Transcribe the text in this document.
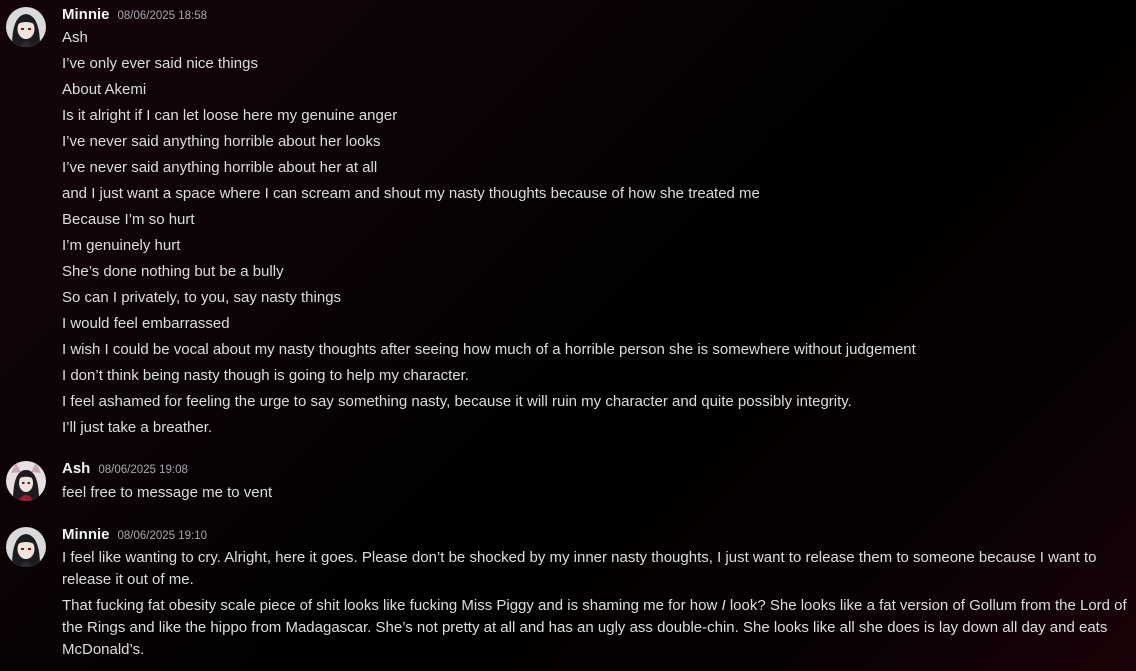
Minnie 08/06/2025 18:58
Ash
I’ve only ever said nice things
About Akemi
Is it alright if I can let loose here my genuine anger
I’ve never said anything horrible about her looks
I’ve never said anything horrible about her at all
and I just want a space where I can scream and shout my nasty thoughts because of how she treated me
Because I’m so hurt
I’m genuinely hurt
She’s done nothing but be a bully
So can I privately, to you, say nasty things
I would feel embarrassed
I wish I could be vocal about my nasty thoughts after seeing how much of a horrible person she is somewhere without judgement
I don’t think being nasty though is going to help my character.
I feel ashamed for feeling the urge to say something nasty, because it will ruin my character and quite possibly integrity.
I’ll just take a breather.
Ash 08/06/2025 19:08
feel free to message me to vent
Minnie 08/06/2025 19:10
I feel like wanting to cry. Alright, here it goes. Please don’t be shocked by my inner nasty thoughts, I just want to release them to someone because I want to release it out of me.
That fucking fat obesity scale piece of shit looks like fucking Miss Piggy and is shaming me for how I look? She looks like a fat version of Gollum from the Lord of the Rings and like the hippo from Madagascar. She’s not pretty at all and has an ugly ass double-chin. She looks like all she does is lay down all day and eats McDonald’s.
